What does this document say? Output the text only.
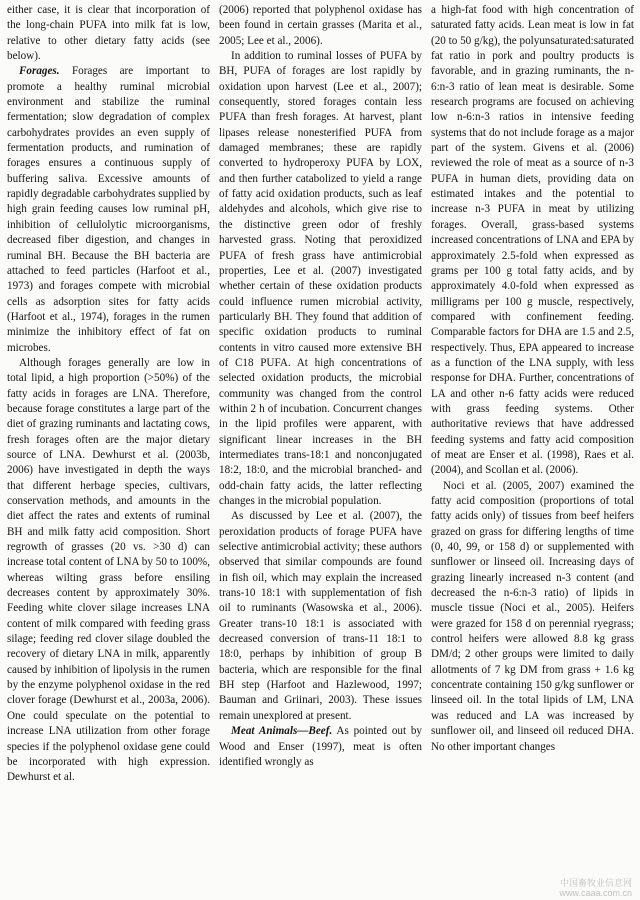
either case, it is clear that incorporation of the long-chain PUFA into milk fat is low, relative to other dietary fatty acids (see below).

Forages. Forages are important to promote a healthy ruminal microbial environment and stabilize the ruminal fermentation; slow degradation of complex carbohydrates provides an even supply of fermentation products, and rumination of forages ensures a continuous supply of buffering saliva. Excessive amounts of rapidly degradable carbohydrates supplied by high grain feeding causes low ruminal pH, inhibition of cellulolytic microorganisms, decreased fiber digestion, and changes in ruminal BH. Because the BH bacteria are attached to feed particles (Harfoot et al., 1973) and forages compete with microbial cells as adsorption sites for fatty acids (Harfoot et al., 1974), forages in the rumen minimize the inhibitory effect of fat on microbes.

Although forages generally are low in total lipid, a high proportion (>50%) of the fatty acids in forages are LNA. Therefore, because forage constitutes a large part of the diet of grazing ruminants and lactating cows, fresh forages often are the major dietary source of LNA. Dewhurst et al. (2003b, 2006) have investigated in depth the ways that different herbage species, cultivars, conservation methods, and amounts in the diet affect the rates and extents of ruminal BH and milk fatty acid composition. Short regrowth of grasses (20 vs. >30 d) can increase total content of LNA by 50 to 100%, whereas wilting grass before ensiling decreases content by approximately 30%. Feeding white clover silage increases LNA content of milk compared with feeding grass silage; feeding red clover silage doubled the recovery of dietary LNA in milk, apparently caused by inhibition of lipolysis in the rumen by the enzyme polyphenol oxidase in the red clover forage (Dewhurst et al., 2003a, 2006). One could speculate on the potential to increase LNA utilization from other forage species if the polyphenol oxidase gene could be incorporated with high expression. Dewhurst et al.

(2006) reported that polyphenol oxidase has been found in certain grasses (Marita et al., 2005; Lee et al., 2006).

In addition to ruminal losses of PUFA by BH, PUFA of forages are lost rapidly by oxidation upon harvest (Lee et al., 2007); consequently, stored forages contain less PUFA than fresh forages. At harvest, plant lipases release nonesterified PUFA from damaged membranes; these are rapidly converted to hydroperoxy PUFA by LOX, and then further catabolized to yield a range of fatty acid oxidation products, such as leaf aldehydes and alcohols, which give rise to the distinctive green odor of freshly harvested grass. Noting that peroxidized PUFA of fresh grass have antimicrobial properties, Lee et al. (2007) investigated whether certain of these oxidation products could influence rumen microbial activity, particularly BH. They found that addition of specific oxidation products to ruminal contents in vitro caused more extensive BH of C18 PUFA. At high concentrations of selected oxidation products, the microbial community was changed from the control within 2 h of incubation. Concurrent changes in the lipid profiles were apparent, with significant linear increases in the BH intermediates trans-18:1 and nonconjugated 18:2, 18:0, and the microbial branched- and odd-chain fatty acids, the latter reflecting changes in the microbial population.

As discussed by Lee et al. (2007), the peroxidation products of forage PUFA have selective antimicrobial activity; these authors observed that similar compounds are found in fish oil, which may explain the increased trans-10 18:1 with supplementation of fish oil to ruminants (Wasowska et al., 2006). Greater trans-10 18:1 is associated with decreased conversion of trans-11 18:1 to 18:0, perhaps by inhibition of group B bacteria, which are responsible for the final BH step (Harfoot and Hazlewood, 1997; Bauman and Griinari, 2003). These issues remain unexplored at present.

Meat Animals—Beef. As pointed out by Wood and Enser (1997), meat is often identified wrongly as

a high-fat food with high concentration of saturated fatty acids. Lean meat is low in fat (20 to 50 g/kg), the polyunsaturated:saturated fat ratio in pork and poultry products is favorable, and in grazing ruminants, the n-6:n-3 ratio of lean meat is desirable. Some research programs are focused on achieving low n-6:n-3 ratios in intensive feeding systems that do not include forage as a major part of the system. Givens et al. (2006) reviewed the role of meat as a source of n-3 PUFA in human diets, providing data on estimated intakes and the potential to increase n-3 PUFA in meat by utilizing forages. Overall, grass-based systems increased concentrations of LNA and EPA by approximately 2.5-fold when expressed as grams per 100 g total fatty acids, and by approximately 4.0-fold when expressed as milligrams per 100 g muscle, respectively, compared with confinement feeding. Comparable factors for DHA are 1.5 and 2.5, respectively. Thus, EPA appeared to increase as a function of the LNA supply, with less response for DHA. Further, concentrations of LA and other n-6 fatty acids were reduced with grass feeding systems. Other authoritative reviews that have addressed feeding systems and fatty acid composition of meat are Enser et al. (1998), Raes et al. (2004), and Scollan et al. (2006).

Noci et al. (2005, 2007) examined the fatty acid composition (proportions of total fatty acids only) of tissues from beef heifers grazed on grass for differing lengths of time (0, 40, 99, or 158 d) or supplemented with sunflower or linseed oil. Increasing days of grazing linearly increased n-3 content (and decreased the n-6:n-3 ratio) of lipids in muscle tissue (Noci et al., 2005). Heifers were grazed for 158 d on perennial ryegrass; control heifers were allowed 8.8 kg grass DM/d; 2 other groups were limited to daily allotments of 7 kg DM from grass + 1.6 kg concentrate containing 150 g/kg sunflower or linseed oil. In the total lipids of LM, LNA was reduced and LA was increased by sunflower oil, and linseed oil reduced DHA. No other important changes

中国畜牧业信息网
www.caaa.com.cn
